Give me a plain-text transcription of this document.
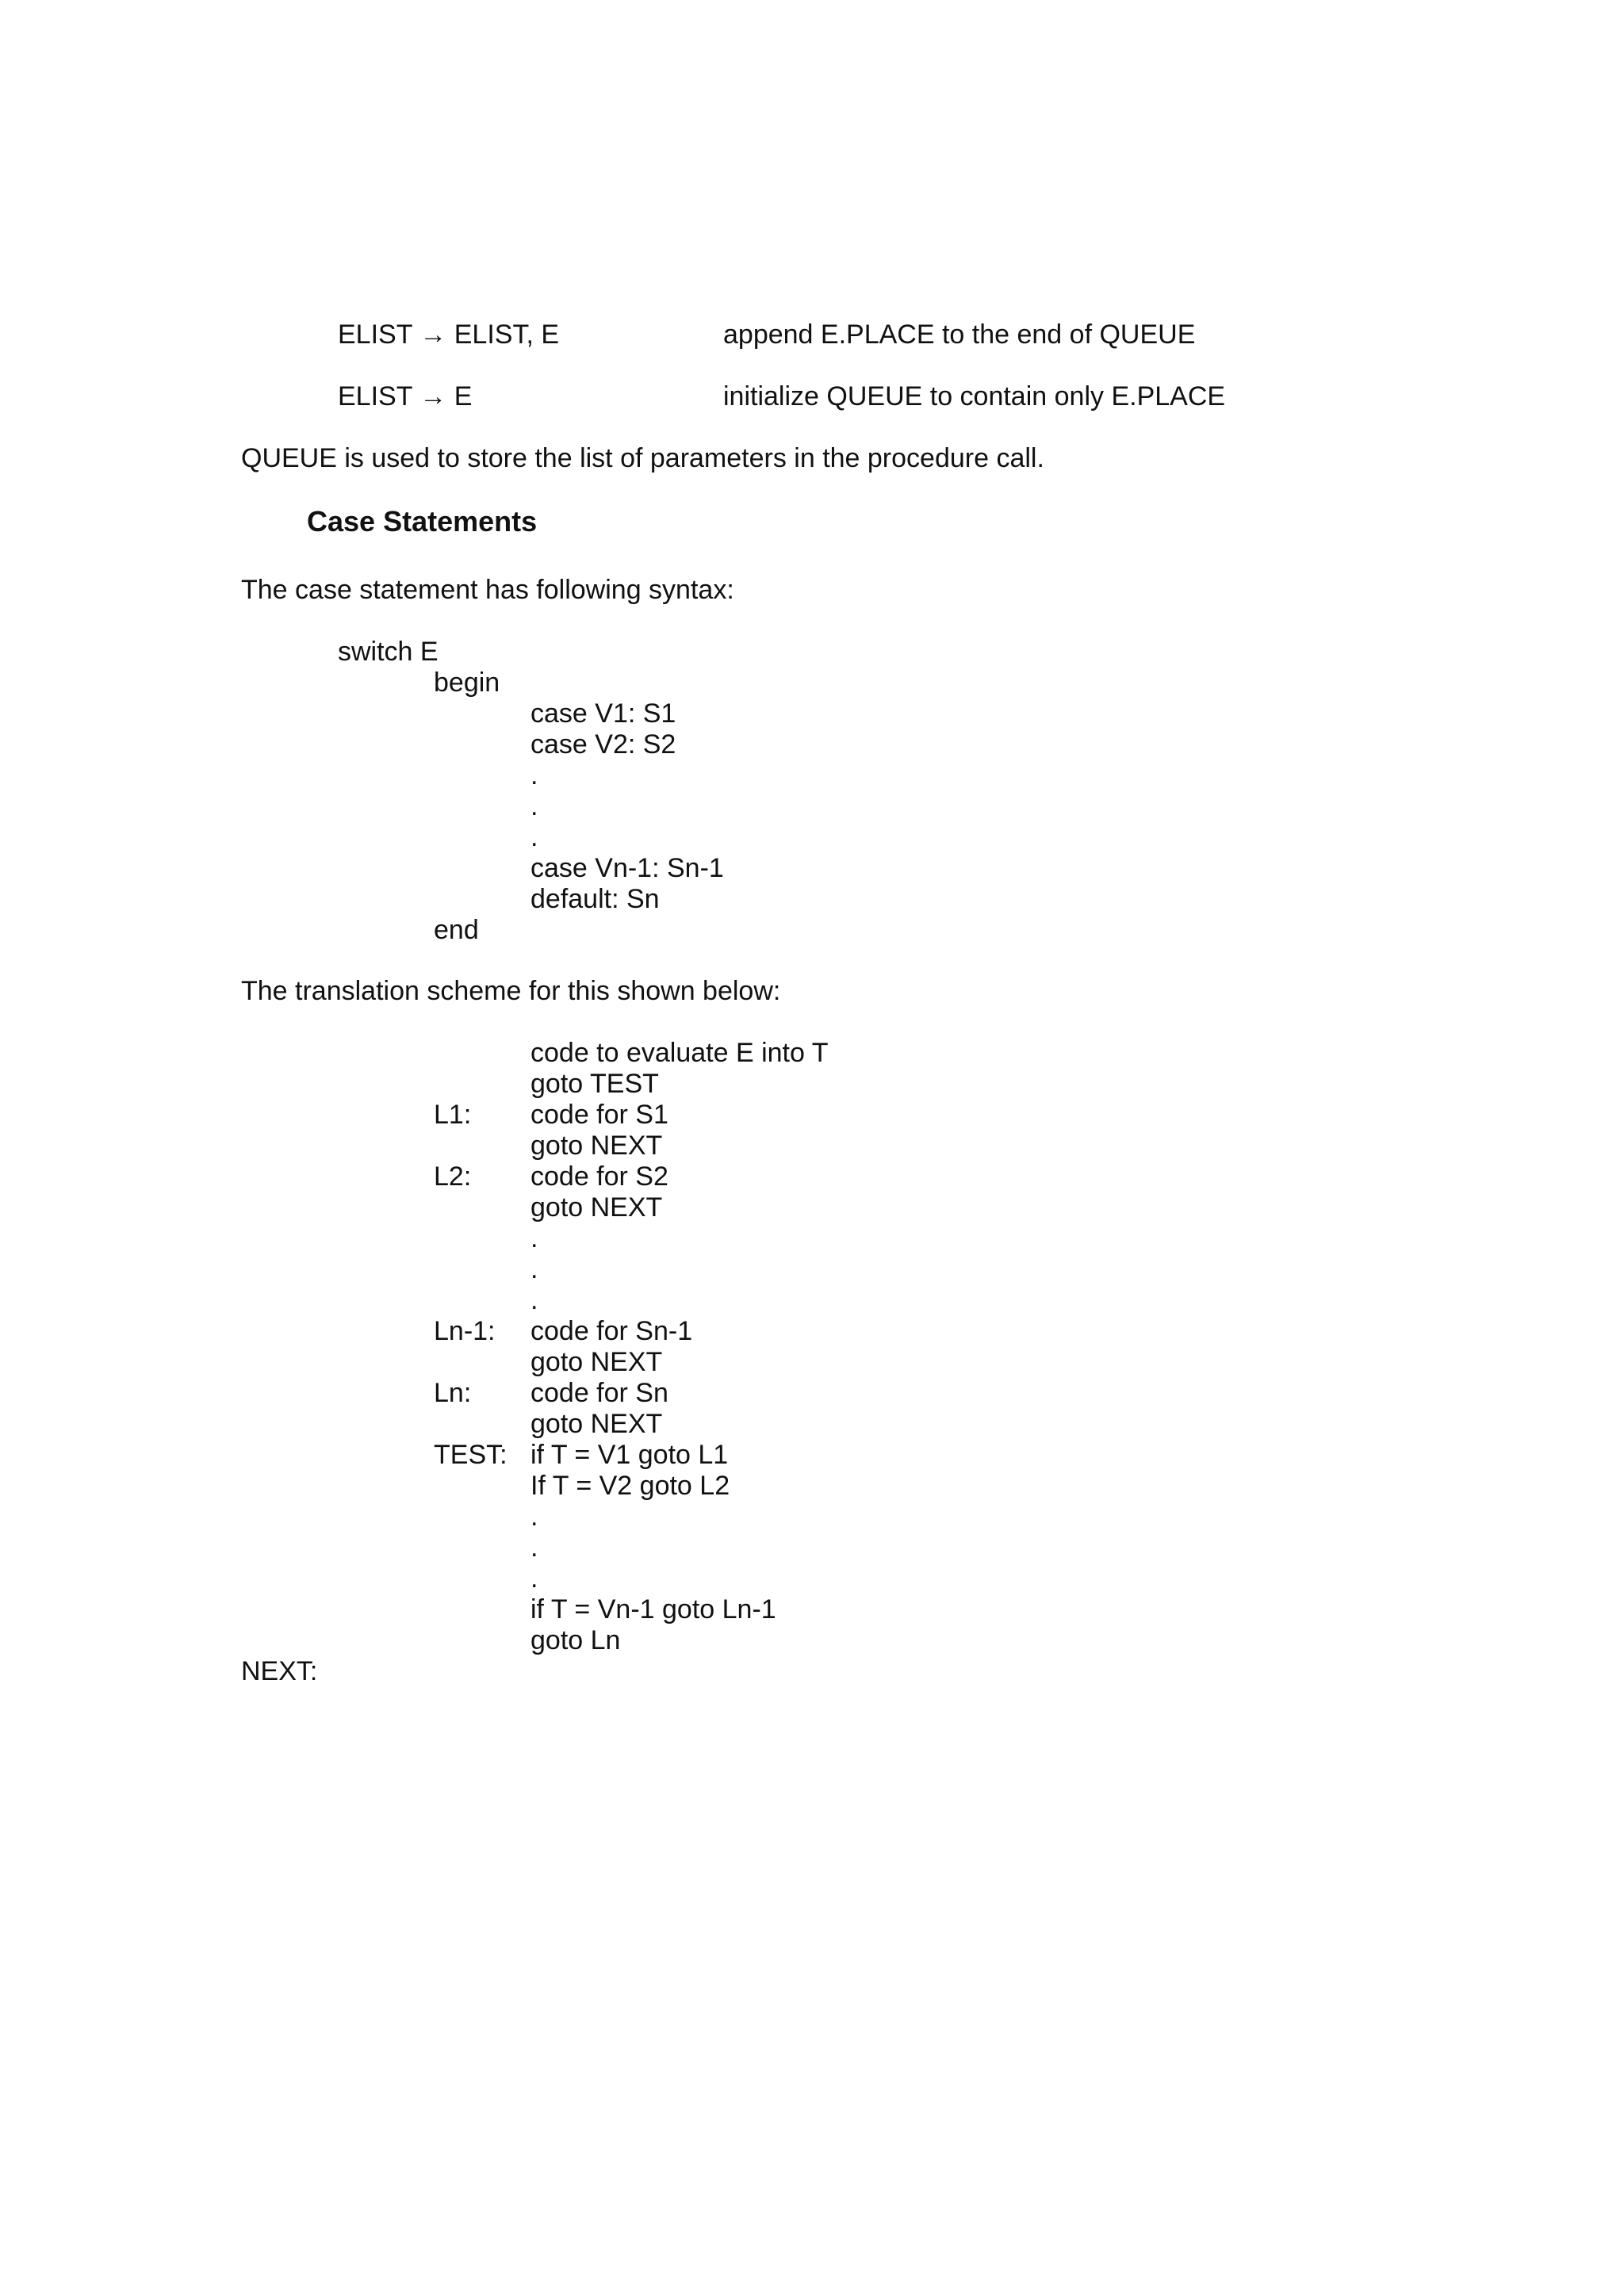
ELIST → ELIST, E	append E.PLACE to the end of QUEUE
ELIST → E	initialize QUEUE to contain only E.PLACE
QUEUE is used to store the list of parameters in the procedure call.
Case Statements
The case statement has following syntax:
switch E
begin
case V1: S1
case V2: S2
.
.
.
case Vn-1: Sn-1
default: Sn
end
The translation scheme for this shown below:
code to evaluate E into T
goto TEST
L1: code for S1
goto NEXT
L2: code for S2
goto NEXT
.
.
.
Ln-1: code for Sn-1
goto NEXT
Ln: code for Sn
goto NEXT
TEST: if T = V1 goto L1
If T = V2 goto L2
.
.
.
if T = Vn-1 goto Ln-1
goto Ln
NEXT:
